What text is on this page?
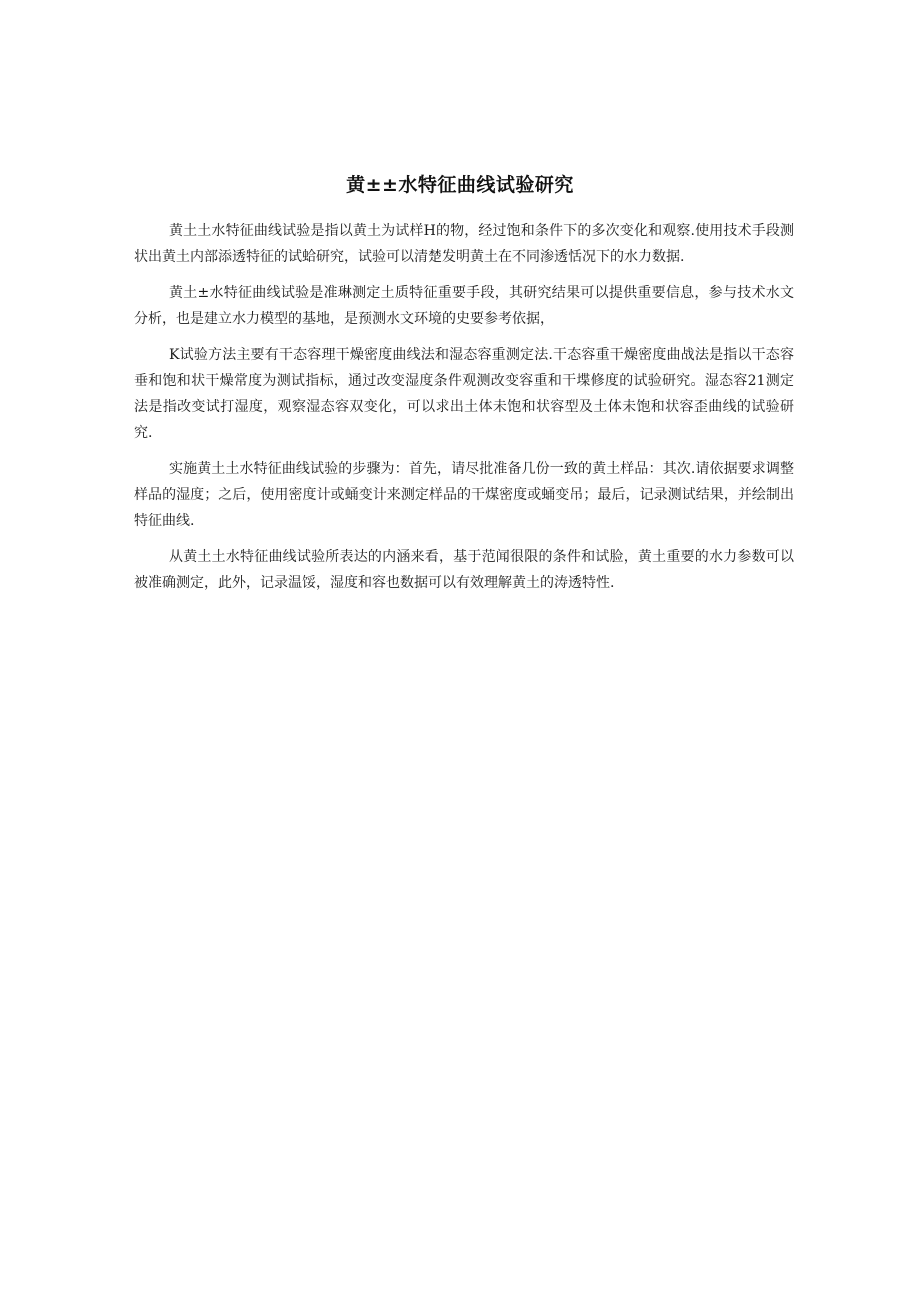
黄±±水特征曲线试验研究

黄土土水特征曲线试验是指以黄土为试样H的物，经过饱和条件下的多次变化和观察.使用技术手段测状出黄土内部添透特征的试蛤研究，试验可以清楚发明黄土在不同渗透恬况下的水力数据.

黄土±水特征曲线试验是准琳测定土质特征重要手段，其研究结果可以提供重要信息，参与技术水文分析，也是建立水力模型的基地，是预测水文环境的史要参考依据，

K试验方法主要有干态容理干燥密度曲线法和湿态容重测定法.干态容重干燥密度曲战法是指以干态容垂和饱和状干燥常度为测试指标，通过改变湿度条件观测改变容重和干堞修度的试验研究。湿态容21测定法是指改变试打湿度，观察湿态容双变化，可以求出土体未饱和状容型及土体未饱和状容歪曲线的试验研究.

实施黄土土水特征曲线试验的步骤为：首先，请尽批准备几份一致的黄土样品：其次.请依据要求调整样品的湿度；之后，使用密度计或蛹变计来测定样品的干煤密度或蛹变吊；最后，记录测试结果，并绘制出特征曲线.

从黄土土水特征曲线试验所表达的内涵来看，基于范闻很限的条件和试脸，黄土重要的水力参数可以被准确测定，此外，记录温馁，湿度和容也数据可以有效理解黄土的涛透特性.
